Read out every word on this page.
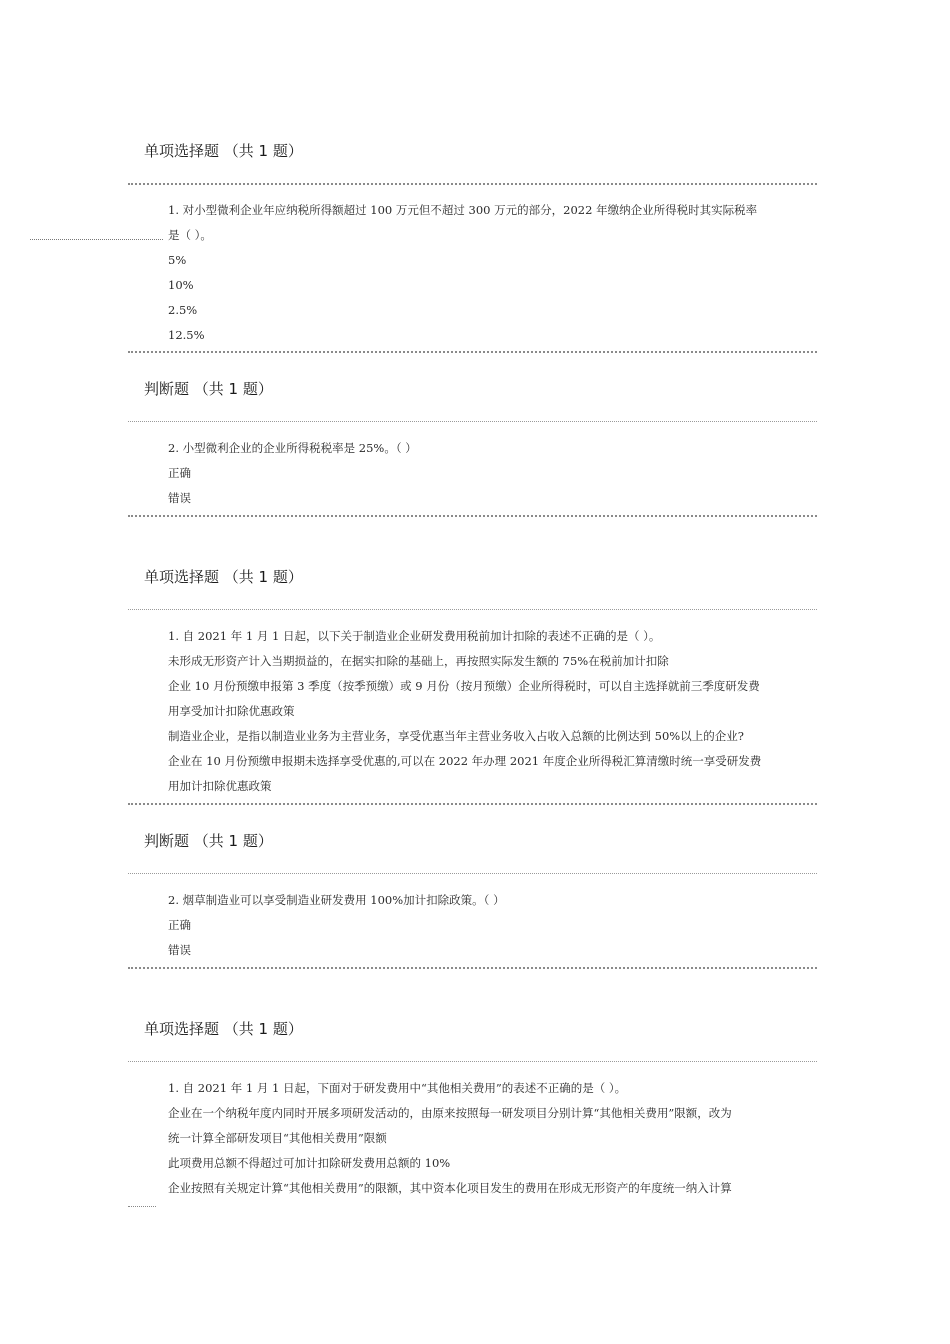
单项选择题 （共 1 题）
1. 对小型微利企业年应纳税所得额超过 100 万元但不超过 300 万元的部分，2022 年缴纳企业所得税时其实际税率
是（ ）。
5%
10%
2.5%
12.5%
判断题 （共 1 题）
2. 小型微利企业的企业所得税税率是 25%。（ ）
正确
错误
单项选择题 （共 1 题）
1. 自 2021 年 1 月 1 日起，以下关于制造业企业研发费用税前加计扣除的表述不正确的是（ ）。
未形成无形资产计入当期损益的，在据实扣除的基础上，再按照实际发生额的 75%在税前加计扣除
企业 10 月份预缴申报第 3 季度（按季预缴）或 9 月份（按月预缴）企业所得税时，可以自主选择就前三季度研发费
用享受加计扣除优惠政策
制造业企业，是指以制造业业务为主营业务，享受优惠当年主营业务收入占收入总额的比例达到 50%以上的企业?
企业在 10 月份预缴申报期未选择享受优惠的,可以在 2022 年办理 2021 年度企业所得税汇算清缴时统一享受研发费
用加计扣除优惠政策
判断题 （共 1 题）
2. 烟草制造业可以享受制造业研发费用 100%加计扣除政策。（ ）
正确
错误
单项选择题 （共 1 题）
1. 自 2021 年 1 月 1 日起，下面对于研发费用中“其他相关费用”的表述不正确的是（ ）。
企业在一个纳税年度内同时开展多项研发活动的，由原来按照每一研发项目分别计算“其他相关费用”限额，改为
统一计算全部研发项目“其他相关费用”限额
此项费用总额不得超过可加计扣除研发费用总额的 10%
企业按照有关规定计算“其他相关费用”的限额，其中资本化项目发生的费用在形成无形资产的年度统一纳入计算
